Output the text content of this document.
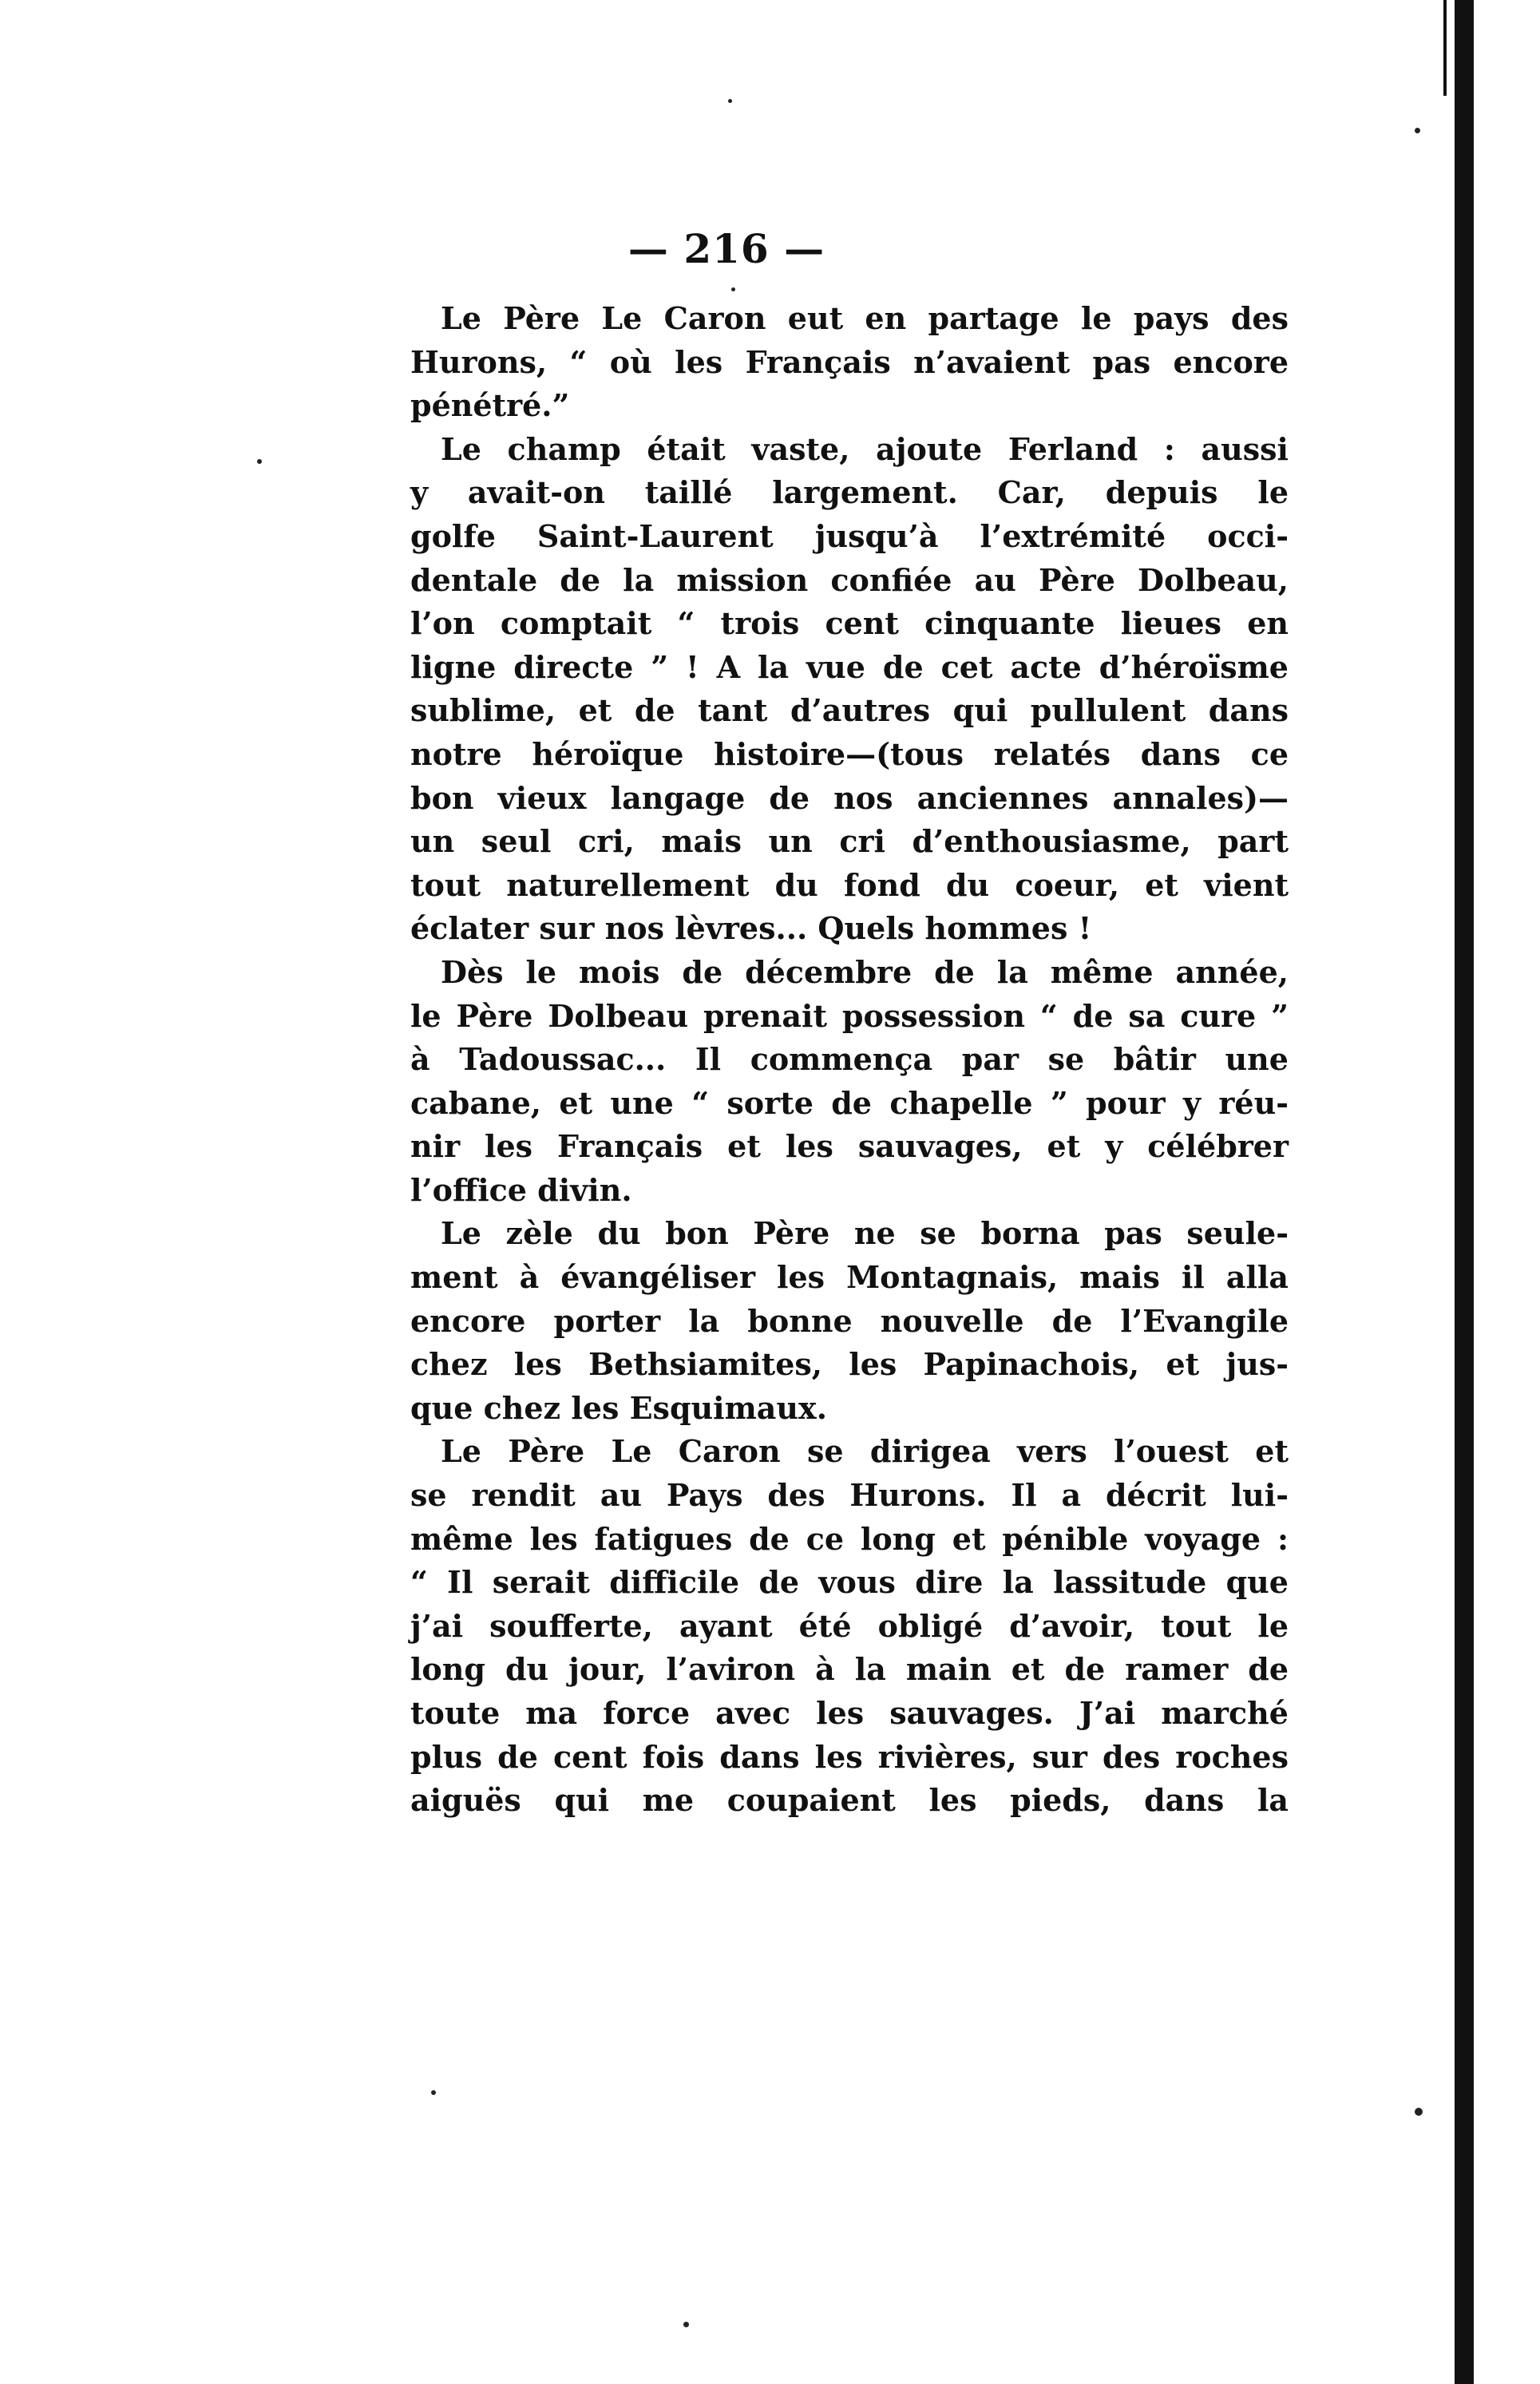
— 216 —
Le Père Le Caron eut en partage le pays des
Hurons, “ où les Français n’avaient pas encore
pénétré.”
Le champ était vaste, ajoute Ferland : aussi
y avait-on taillé largement. Car, depuis le
golfe Saint-Laurent jusqu’à l’extrémité occi-
dentale de la mission confiée au Père Dolbeau,
l’on comptait “ trois cent cinquante lieues en
ligne directe ” ! A la vue de cet acte d’héroïsme
sublime, et de tant d’autres qui pullulent dans
notre héroïque histoire—(tous relatés dans ce
bon vieux langage de nos anciennes annales)—
un seul cri, mais un cri d’enthousiasme, part
tout naturellement du fond du coeur, et vient
éclater sur nos lèvres... Quels hommes !
Dès le mois de décembre de la même année,
le Père Dolbeau prenait possession “ de sa cure ”
à Tadoussac... Il commença par se bâtir une
cabane, et une “ sorte de chapelle ” pour y réu-
nir les Français et les sauvages, et y célébrer
l’office divin.
Le zèle du bon Père ne se borna pas seule-
ment à évangéliser les Montagnais, mais il alla
encore porter la bonne nouvelle de l’Evangile
chez les Bethsiamites, les Papinachois, et jus-
que chez les Esquimaux.
Le Père Le Caron se dirigea vers l’ouest et
se rendit au Pays des Hurons. Il a décrit lui-
même les fatigues de ce long et pénible voyage :
“ Il serait difficile de vous dire la lassitude que
j’ai soufferte, ayant été obligé d’avoir, tout le
long du jour, l’aviron à la main et de ramer de
toute ma force avec les sauvages. J’ai marché
plus de cent fois dans les rivières, sur des roches
aiguës qui me coupaient les pieds, dans la
